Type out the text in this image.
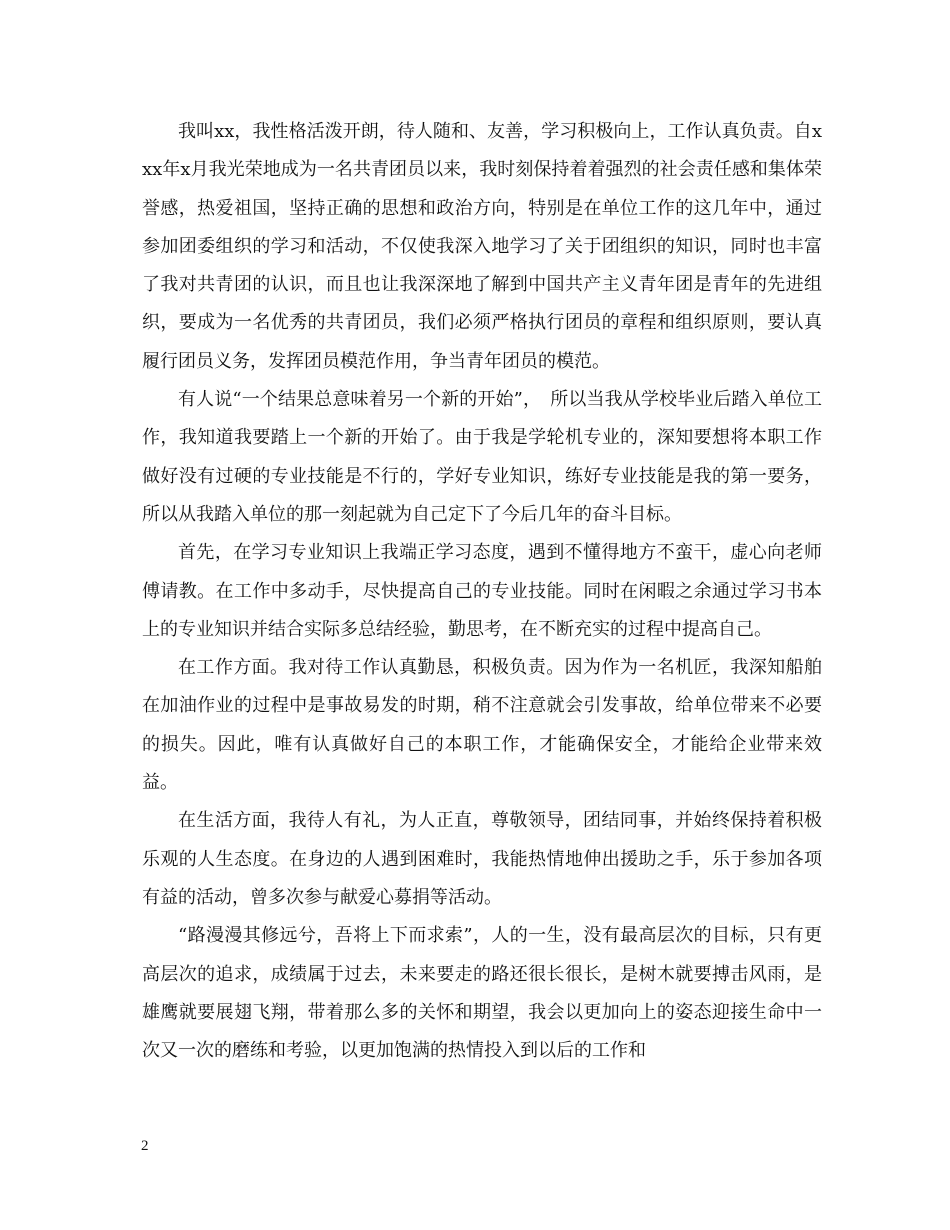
我叫xx，我性格活泼开朗，待人随和、友善，学习积极向上，工作认真负责。自xxx年x月我光荣地成为一名共青团员以来，我时刻保持着着强烈的社会责任感和集体荣誉感，热爱祖国，坚持正确的思想和政治方向，特别是在单位工作的这几年中，通过参加团委组织的学习和活动，不仅使我深入地学习了关于团组织的知识，同时也丰富了我对共青团的认识，而且也让我深深地了解到中国共产主义青年团是青年的先进组织，要成为一名优秀的共青团员，我们必须严格执行团员的章程和组织原则，要认真履行团员义务，发挥团员模范作用，争当青年团员的模范。

有人说“一个结果总意味着另一个新的开始”，　所以当我从学校毕业后踏入单位工作，我知道我要踏上一个新的开始了。由于我是学轮机专业的，深知要想将本职工作做好没有过硬的专业技能是不行的，学好专业知识，练好专业技能是我的第一要务，所以从我踏入单位的那一刻起就为自己定下了今后几年的奋斗目标。

首先，在学习专业知识上我端正学习态度，遇到不懂得地方不蛮干，虚心向老师傅请教。在工作中多动手，尽快提高自己的专业技能。同时在闲暇之余通过学习书本上的专业知识并结合实际多总结经验，勤思考，在不断充实的过程中提高自己。

在工作方面。我对待工作认真勤恳，积极负责。因为作为一名机匠，我深知船舶在加油作业的过程中是事故易发的时期，稍不注意就会引发事故，给单位带来不必要的损失。因此，唯有认真做好自己的本职工作，才能确保安全，才能给企业带来效益。

在生活方面，我待人有礼，为人正直，尊敬领导，团结同事，并始终保持着积极乐观的人生态度。在身边的人遇到困难时，我能热情地伸出援助之手，乐于参加各项有益的活动，曾多次参与献爱心募捐等活动。

“路漫漫其修远兮，吾将上下而求索”，人的一生，没有最高层次的目标，只有更高层次的追求，成绩属于过去，未来要走的路还很长很长，是树木就要搏击风雨，是雄鹰就要展翅飞翔，带着那么多的关怀和期望，我会以更加向上的姿态迎接生命中一次又一次的磨练和考验，以更加饱满的热情投入到以后的工作和

2
